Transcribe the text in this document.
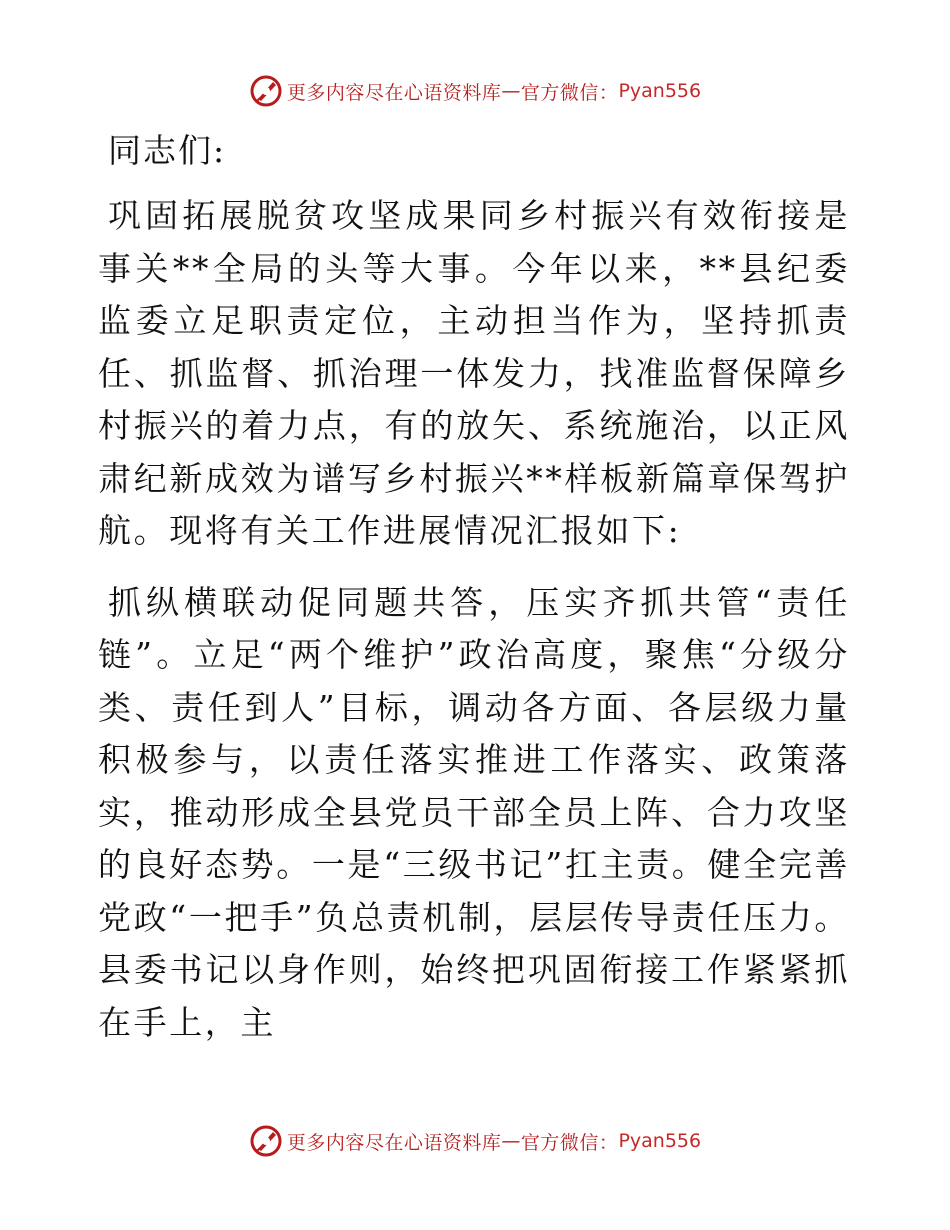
更多内容尽在心语资料库 — 官方微信： Pyan556
同志们:

巩固拓展脱贫攻坚成果同乡村振兴有效衔接是事关**全局的头等大事。今年以来，**县纪委监委立足职责定位，主动担当作为，坚持抓责任、抓监督、抓治理一体发力，找准监督保障乡村振兴的着力点，有的放矢、系统施治，以正风肃纪新成效为谱写乡村振兴**样板新篇章保驾护航。现将有关工作进展情况汇报如下:

抓纵横联动促同题共答，压实齐抓共管“责任链”。立足“两个维护”政治高度，聚焦“分级分类、责任到人”目标，调动各方面、各层级力量积极参与，以责任落实推进工作落实、政策落实，推动形成全县党员干部全员上阵、合力攻坚的良好态势。一是“三级书记”扛主责。健全完善党政“一把手”负总责机制，层层传导责任压力。县委书记以身作则，始终把巩固衔接工作紧紧抓在手上，主

更多内容尽在心语资料库 — 官方微信： Pyan556
